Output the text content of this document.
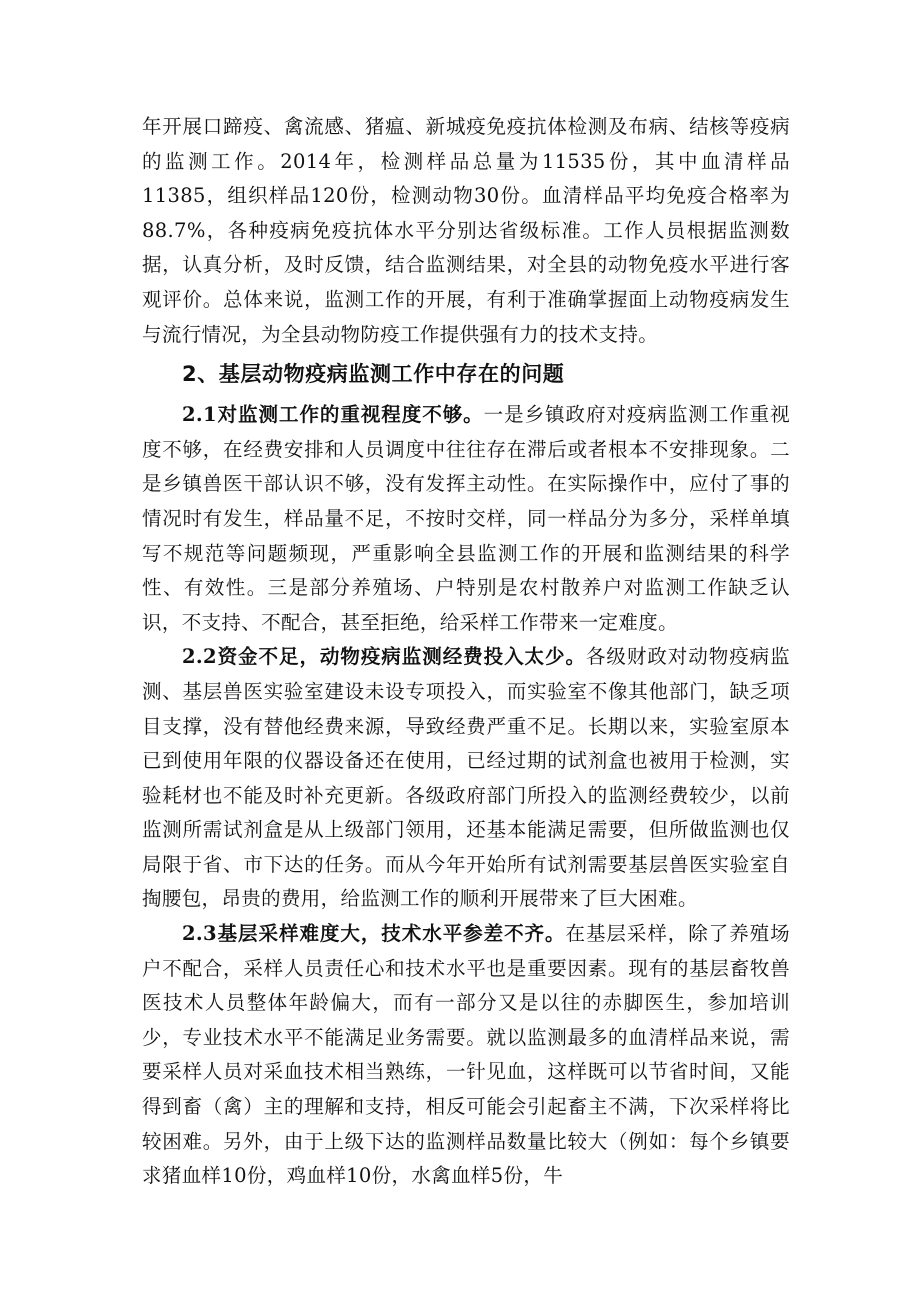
年开展口蹄疫、禽流感、猪瘟、新城疫免疫抗体检测及布病、结核等疫病的监测工作。2014年，检测样品总量为11535份，其中血清样品11385，组织样品120份，检测动物30份。血清样品平均免疫合格率为88.7%，各种疫病免疫抗体水平分别达省级标准。工作人员根据监测数据，认真分析，及时反馈，结合监测结果，对全县的动物免疫水平进行客观评价。总体来说，监测工作的开展，有利于准确掌握面上动物疫病发生与流行情况，为全县动物防疫工作提供强有力的技术支持。

2、基层动物疫病监测工作中存在的问题

2.1对监测工作的重视程度不够。一是乡镇政府对疫病监测工作重视度不够，在经费安排和人员调度中往往存在滞后或者根本不安排现象。二是乡镇兽医干部认识不够，没有发挥主动性。在实际操作中，应付了事的情况时有发生，样品量不足，不按时交样，同一样品分为多分，采样单填写不规范等问题频现，严重影响全县监测工作的开展和监测结果的科学性、有效性。三是部分养殖场、户特别是农村散养户对监测工作缺乏认识，不支持、不配合，甚至拒绝，给采样工作带来一定难度。

2.2资金不足，动物疫病监测经费投入太少。各级财政对动物疫病监测、基层兽医实验室建设未设专项投入，而实验室不像其他部门，缺乏项目支撑，没有替他经费来源，导致经费严重不足。长期以来，实验室原本已到使用年限的仪器设备还在使用，已经过期的试剂盒也被用于检测，实验耗材也不能及时补充更新。各级政府部门所投入的监测经费较少，以前监测所需试剂盒是从上级部门领用，还基本能满足需要，但所做监测也仅局限于省、市下达的任务。而从今年开始所有试剂需要基层兽医实验室自掏腰包，昂贵的费用，给监测工作的顺利开展带来了巨大困难。

2.3基层采样难度大，技术水平参差不齐。在基层采样，除了养殖场户不配合，采样人员责任心和技术水平也是重要因素。现有的基层畜牧兽医技术人员整体年龄偏大，而有一部分又是以往的赤脚医生，参加培训少，专业技术水平不能满足业务需要。就以监测最多的血清样品来说，需要采样人员对采血技术相当熟练，一针见血，这样既可以节省时间，又能得到畜（禽）主的理解和支持，相反可能会引起畜主不满，下次采样将比较困难。另外，由于上级下达的监测样品数量比较大（例如：每个乡镇要求猪血样10份，鸡血样10份，水禽血样5份，牛
